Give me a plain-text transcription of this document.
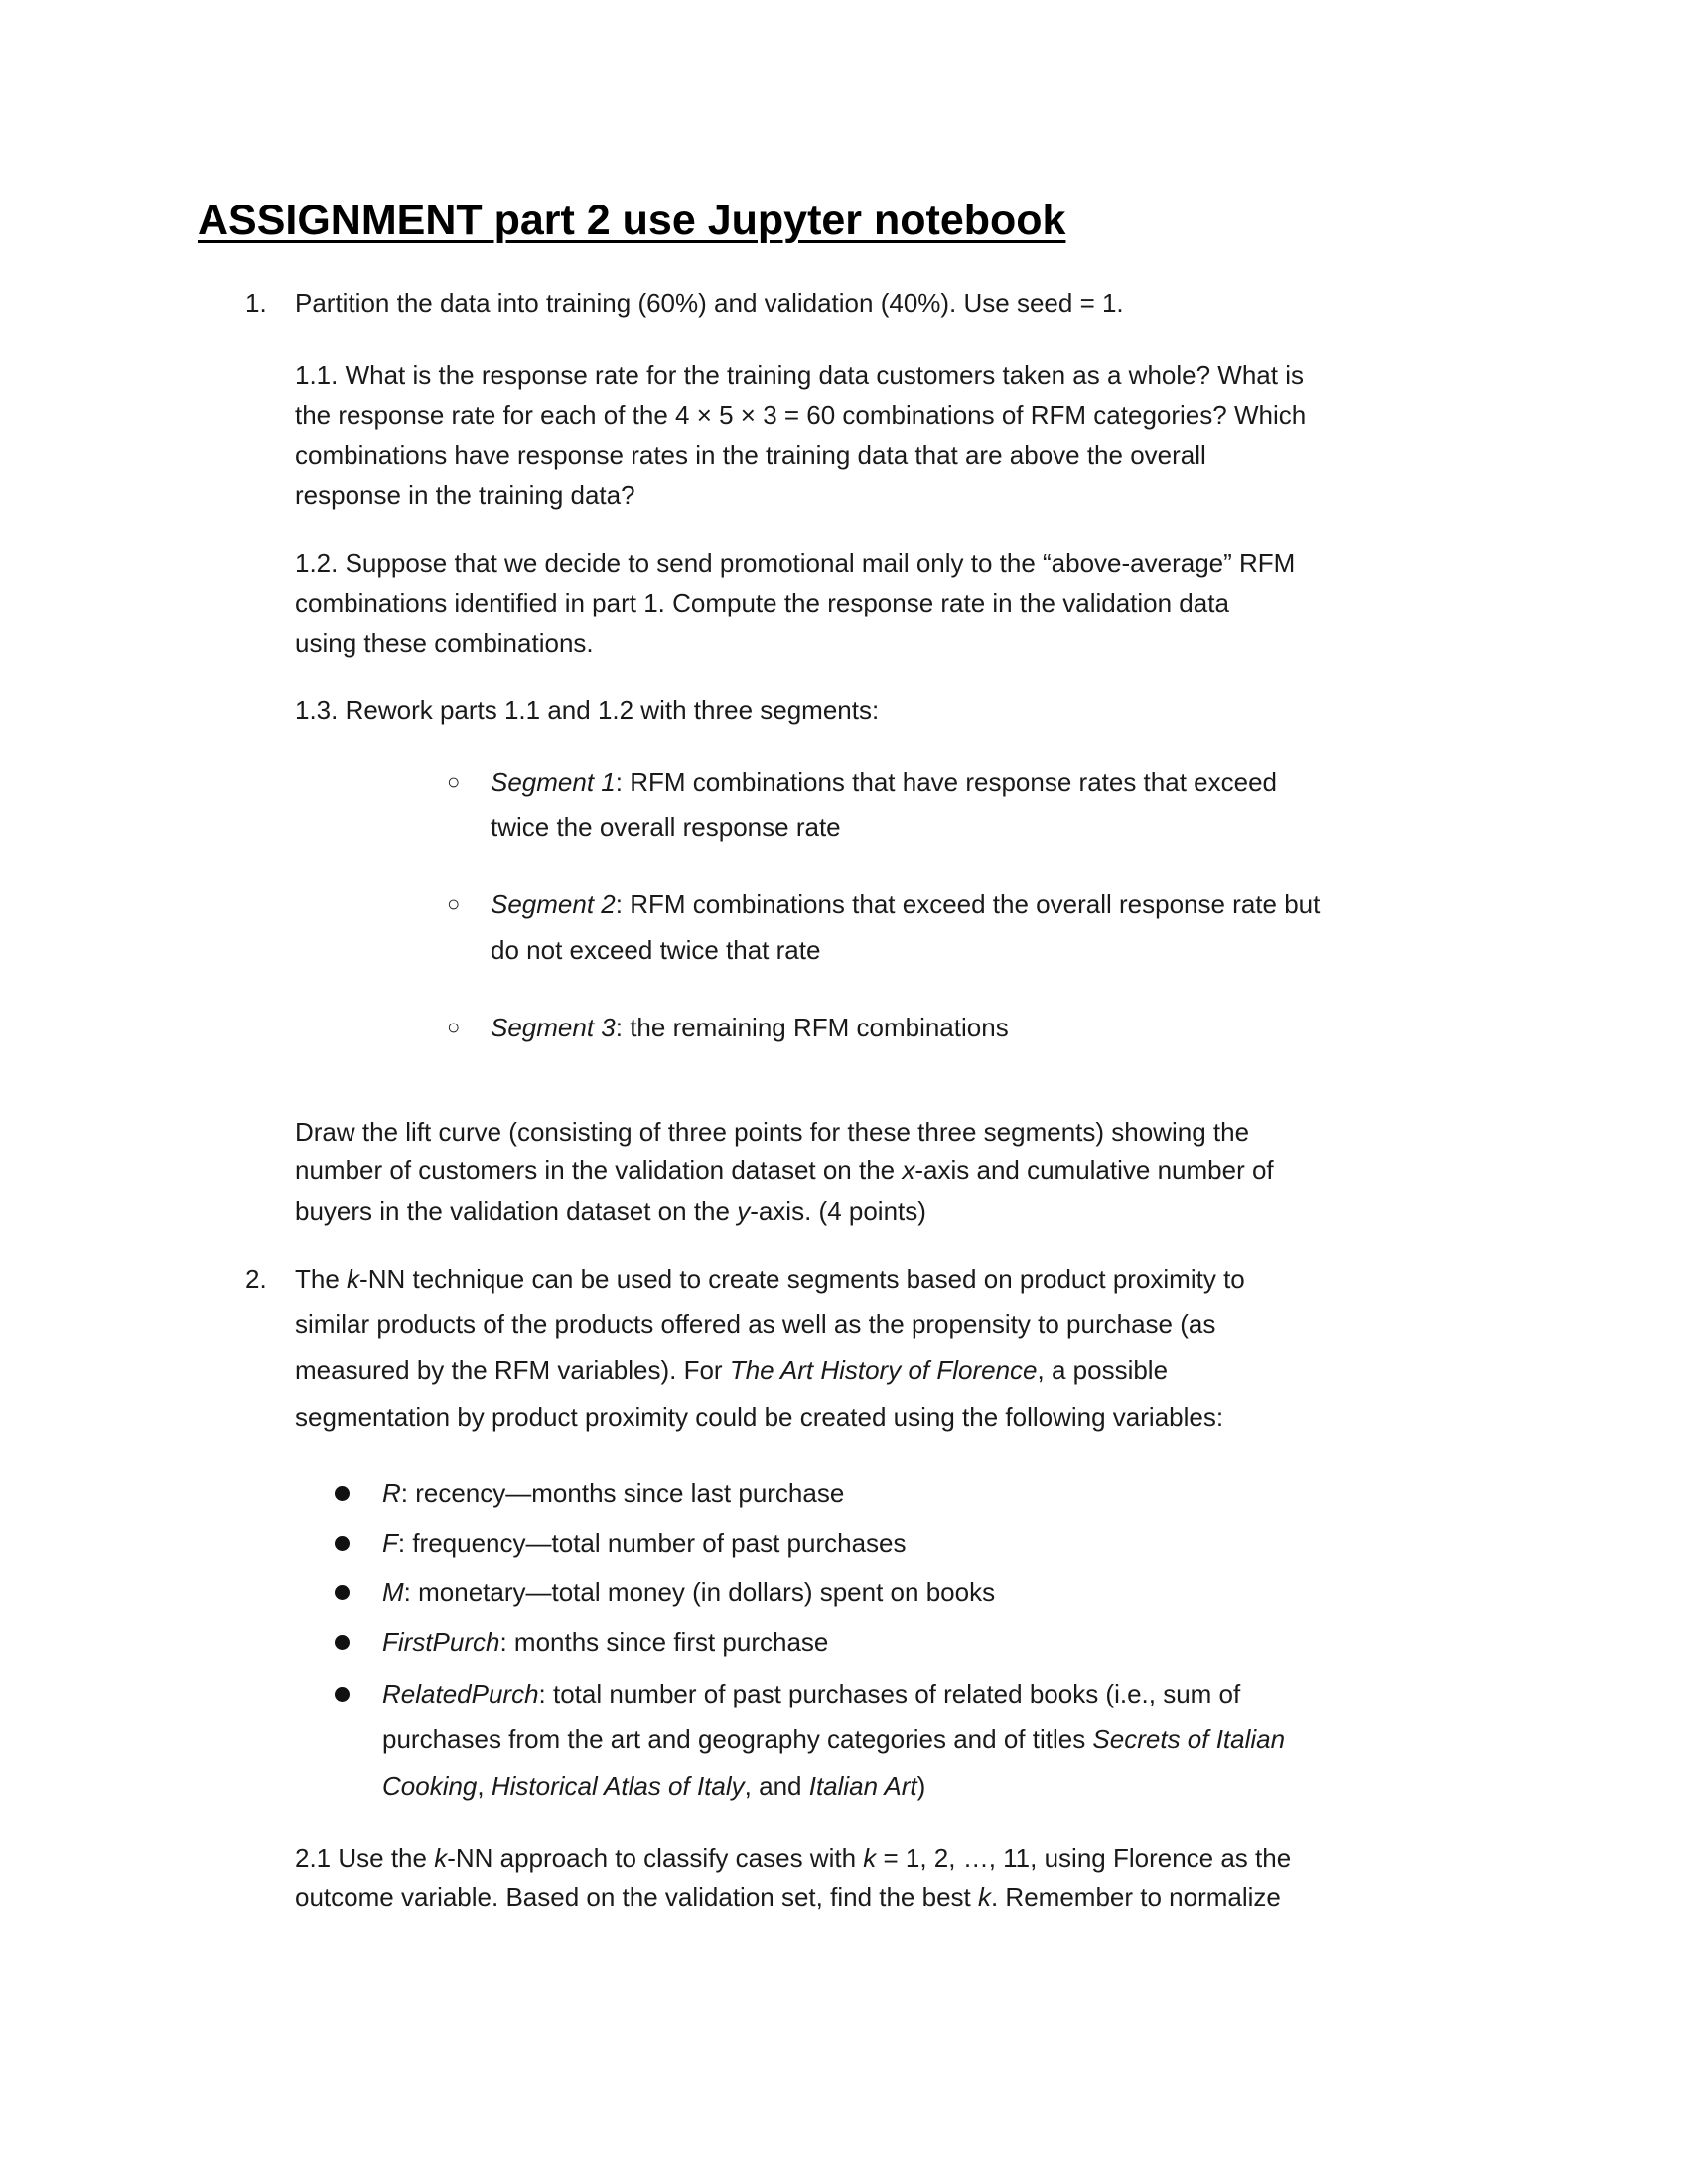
ASSIGNMENT part 2 use Jupyter notebook
1. Partition the data into training (60%) and validation (40%). Use seed = 1.
1.1. What is the response rate for the training data customers taken as a whole? What is
the response rate for each of the 4 × 5 × 3 = 60 combinations of RFM categories? Which
combinations have response rates in the training data that are above the overall
response in the training data?
1.2. Suppose that we decide to send promotional mail only to the “above-average” RFM
combinations identified in part 1. Compute the response rate in the validation data
using these combinations.
1.3. Rework parts 1.1 and 1.2 with three segments:
○ Segment 1: RFM combinations that have response rates that exceed
twice the overall response rate
○ Segment 2: RFM combinations that exceed the overall response rate but
do not exceed twice that rate
○ Segment 3: the remaining RFM combinations
Draw the lift curve (consisting of three points for these three segments) showing the
number of customers in the validation dataset on the x-axis and cumulative number of
buyers in the validation dataset on the y-axis. (4 points)
2. The k-NN technique can be used to create segments based on product proximity to
similar products of the products offered as well as the propensity to purchase (as
measured by the RFM variables). For The Art History of Florence, a possible
segmentation by product proximity could be created using the following variables:
R: recency—months since last purchase
F: frequency—total number of past purchases
M: monetary—total money (in dollars) spent on books
FirstPurch: months since first purchase
RelatedPurch: total number of past purchases of related books (i.e., sum of
purchases from the art and geography categories and of titles Secrets of Italian
Cooking, Historical Atlas of Italy, and Italian Art)
2.1 Use the k-NN approach to classify cases with k = 1, 2, …, 11, using Florence as the
outcome variable. Based on the validation set, find the best k. Remember to normalize
